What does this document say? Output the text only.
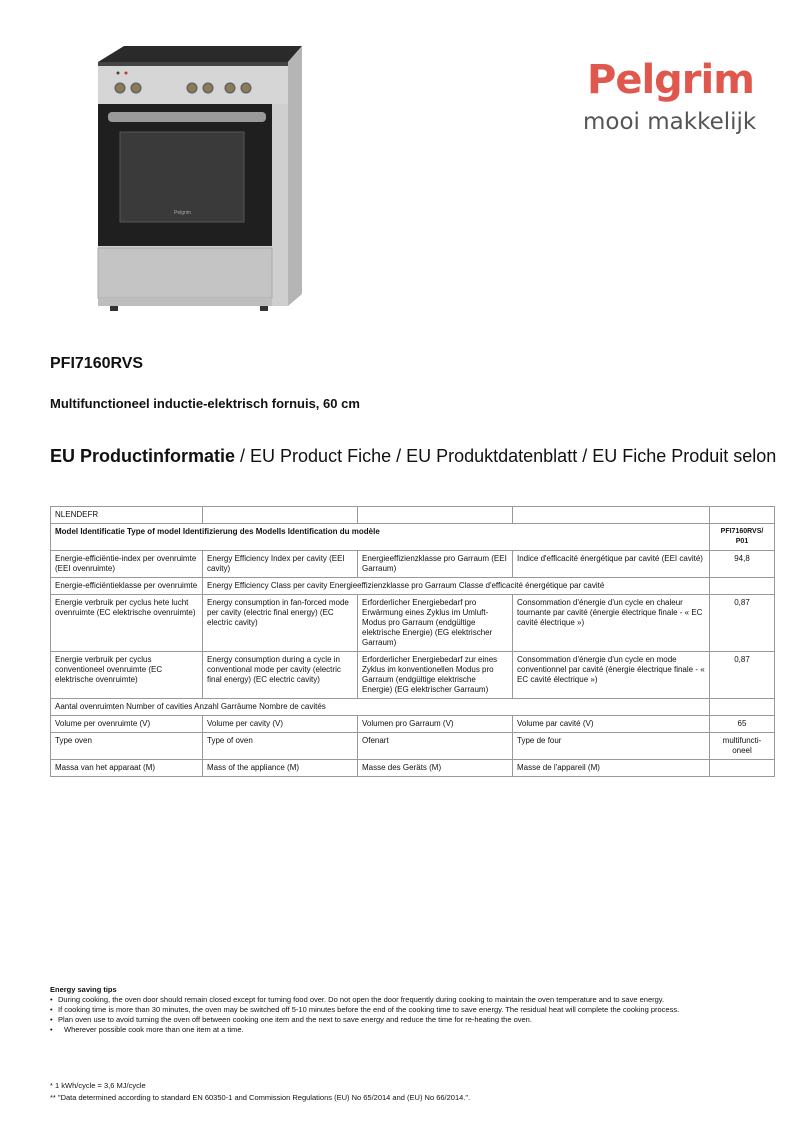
Pelgrim
Pelgrim
mooi makkelijk
PFI7160RVS
Multifunctioneel inductie-elektrisch fornuis, 60 cm
EU Productinformatie / EU Product Fiche / EU Produktdatenblatt / EU Fiche Produit selon
NLENDEFR				
Model Identificatie Type of model Identifizierung des Modells Identification du modèle				PFI7160RVS/ P01
Energie-efficiëntie-index per ovenruimte (EEI ovenruimte)	Energy Efficiency Index per cavity (EEI cavity)	Energieeffizienzklasse pro Garraum (EEI Garraum)	Indice d'efficacité énergétique par cavité (EEI cavité)	94,8
Energie-efficiëntieklasse per ovenruimte	Energy Efficiency Class per cavity Energieeffizienzklasse pro Garraum Classe d'efficacité énergétique par cavité			
Energie verbruik per cyclus hete lucht ovenruimte (EC elektrische ovenruimte)	Energy consumption in fan-forced mode per cavity (electric final energy) (EC electric cavity)	Erforderlicher Energiebedarf pro Erwärmung eines Zyklus im Umluft-Modus pro Garraum (endgültige elektrische Energie) (EG elektrischer Garraum)	Consommation d'énergie d'un cycle en chaleur tournante par cavité (énergie électrique finale - « EC cavité électrique »)	0,87
Energie verbruik per cyclus conventioneel ovenruimte (EC elektrische ovenruimte)	Energy consumption during a cycle in conventional mode per cavity (electric final energy) (EC electric cavity)	Erforderlicher Energiebedarf zur eines Zyklus im konventionellen Modus pro Garraum (endgültige elektrische Energie) (EG elektrischer Garraum)	Consommation d'énergie d'un cycle en mode conventionnel par cavité (énergie électrique finale - « EC cavité électrique »)	0,87
Aantal ovenruimten Number of cavities Anzahl Garräume Nombre de cavités				
Volume per ovenruimte (V)	Volume per cavity (V)	Volumen pro Garraum (V)	Volume par cavité (V)	65
Type oven	Type of oven	Ofenart	Type de four	multifuncti-oneel
Massa van het apparaat (M)	Mass of the appliance (M)	Masse des Geräts (M)	Masse de l'appareil (M)	
Energy saving tips
• During cooking, the oven door should remain closed except for turning food over. Do not open the door frequently during cooking to maintain the oven temperature and to save energy.
• If cooking time is more than 30 minutes, the oven may be switched off 5-10 minutes before the end of the cooking time to save energy. The residual heat will complete the cooking process.
• Plan oven use to avoid turning the oven off between cooking one item and the next to save energy and reduce the time for re-heating the oven.
• Wherever possible cook more than one item at a time.
* 1 kWh/cycle = 3,6 MJ/cycle
** "Data determined according to standard EN 60350-1 and Commission Regulations (EU) No 65/2014 and (EU) No 66/2014.".
